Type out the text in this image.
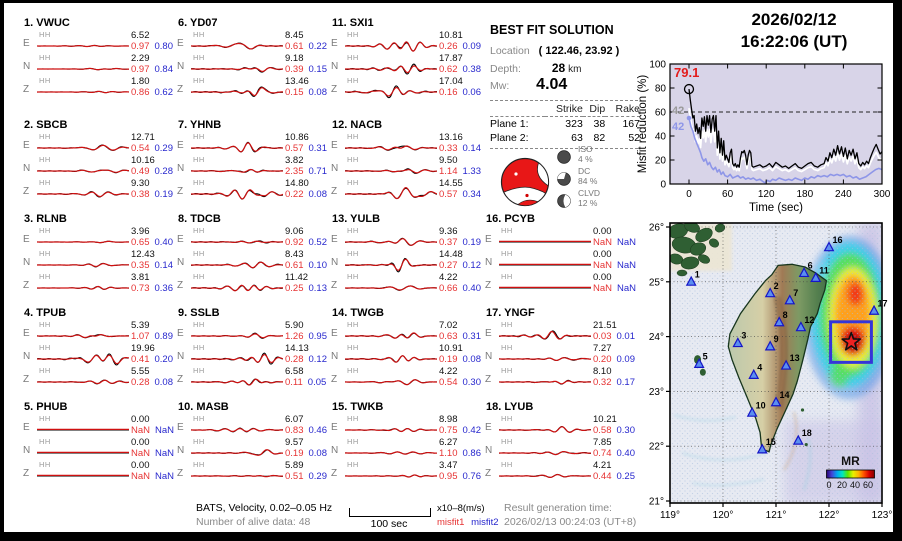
1. VWUC
E
HH	6.52
0.97 0.80
N
HH	2.29
0.97 0.84
Z
HH	1.80
0.86 0.62
2. SBCB
E
HH	12.71
0.54 0.29
N
HH	10.16
0.49 0.28
Z
HH	9.30
0.38 0.19
3. RLNB
E
HH	3.96
0.65 0.40
N
HH	12.43
0.35 0.14
Z
HH	3.81
0.73 0.36
4. TPUB
E
HH	5.39
1.07 0.89
N
HH	19.96
0.41 0.20
Z
HH	5.55
0.28 0.08
5. PHUB
E
HH	0.00
NaN NaN
N
HH	0.00
NaN NaN
Z
HH	0.00
NaN NaN
6. YD07
E
HH	8.45
0.61 0.22
N
HH	9.18
0.39 0.15
Z
HH	13.46
0.15 0.08
7. YHNB
E
HH	10.86
0.57 0.31
N
HH	3.82
2.35 0.71
Z
HH	14.80
0.22 0.08
8. TDCB
E
HH	9.06
0.92 0.52
N
HH	8.43
0.61 0.10
Z
HH	11.42
0.25 0.13
9. SSLB
E
HH	5.90
1.26 0.95
N
HH	14.13
0.28 0.12
Z
HH	6.58
0.11 0.05
10. MASB
E
HH	6.07
0.83 0.46
N
HH	9.57
0.19 0.08
Z
HH	5.89
0.51 0.29
11. SXI1
E
HH	10.81
0.26 0.09
N
HH	17.87
0.62 0.38
Z
HH	17.04
0.16 0.06
12. NACB
E
HH	13.16
0.33 0.14
N
HH	9.50
1.14 1.33
Z
HH	14.55
0.57 0.34
13. YULB
E
HH	9.36
0.37 0.19
N
HH	14.48
0.27 0.12
Z
HH	4.22
0.66 0.40
14. TWGB
E
HH	7.02
0.63 0.31
N
HH	10.91
0.19 0.08
Z
HH	4.22
0.54 0.30
15. TWKB
E
HH	8.98
0.75 0.42
N
HH	6.27
1.10 0.86
Z
HH	3.47
0.95 0.76
16. PCYB
E
HH	0.00
NaN NaN
N
HH	0.00
NaN NaN
Z
HH	0.00
NaN NaN
17. YNGF
E
HH	21.51
0.03 0.01
N
HH	7.27
0.20 0.09
Z
HH	8.10
0.32 0.17
18. LYUB
E
HH	10.21
0.58 0.30
N
HH	7.85
0.74 0.40
Z
HH	4.21
0.44 0.25
BEST FIT SOLUTION
Location ( 122.46, 23.92 )
Depth:	28 km
Mw: 4.04
	Strike	Dip	Rake
Plane 1:	323	38	167
Plane 2:	63	82	52
ISO
4 %
DC
84 %
CLVD
12 %
2026/02/12
16:22:06 (UT)
0
20
40
60
80
100
0	60 120 180 240 300
Time (sec)
Misfit reduction (%)
79.1
42
42
1
2
3
4
5
6
7
8
9
10
11
12
13
14
15
16
17
18
MR
0 20 40 60
119°	120°	121°	122°	123°
21°
22°
23°
24°
25°
26°
BATS, Velocity, 0.02–0.05 Hz
Number of alive data: 48	100 sec
x10–8(m/s)
misfit1 misfit2
Result generation time:
2026/02/13 00:24:03 (UT+8)
